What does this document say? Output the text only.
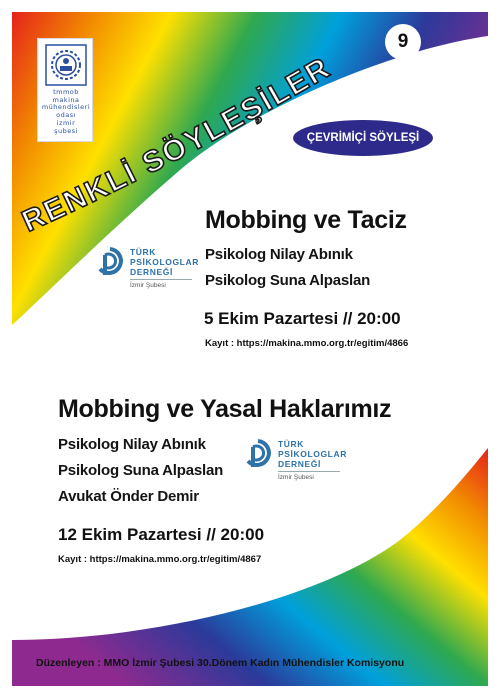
RENKLİ SÖYLEŞİLER
tmmob
makina
mühendisleri
odası
izmir
şubesi
9
ÇEVRİMİÇİ SÖYLEŞİ
Mobbing ve Taciz
TÜRK
PSİKOLOGLAR
DERNEĞİ
İzmir Şubesi
Psikolog Nilay Abınık
Psikolog Suna Alpaslan
5 Ekim Pazartesi // 20:00
Kayıt : https://makina.mmo.org.tr/egitim/4866
Mobbing ve Yasal Haklarımız
Psikolog Nilay Abınık
Psikolog Suna Alpaslan
Avukat Önder Demir
TÜRK
PSİKOLOGLAR
DERNEĞİ
İzmir Şubesi
12 Ekim Pazartesi // 20:00
Kayıt : https://makina.mmo.org.tr/egitim/4867
Düzenleyen : MMO İzmir Şubesi 30.Dönem Kadın Mühendisler Komisyonu
